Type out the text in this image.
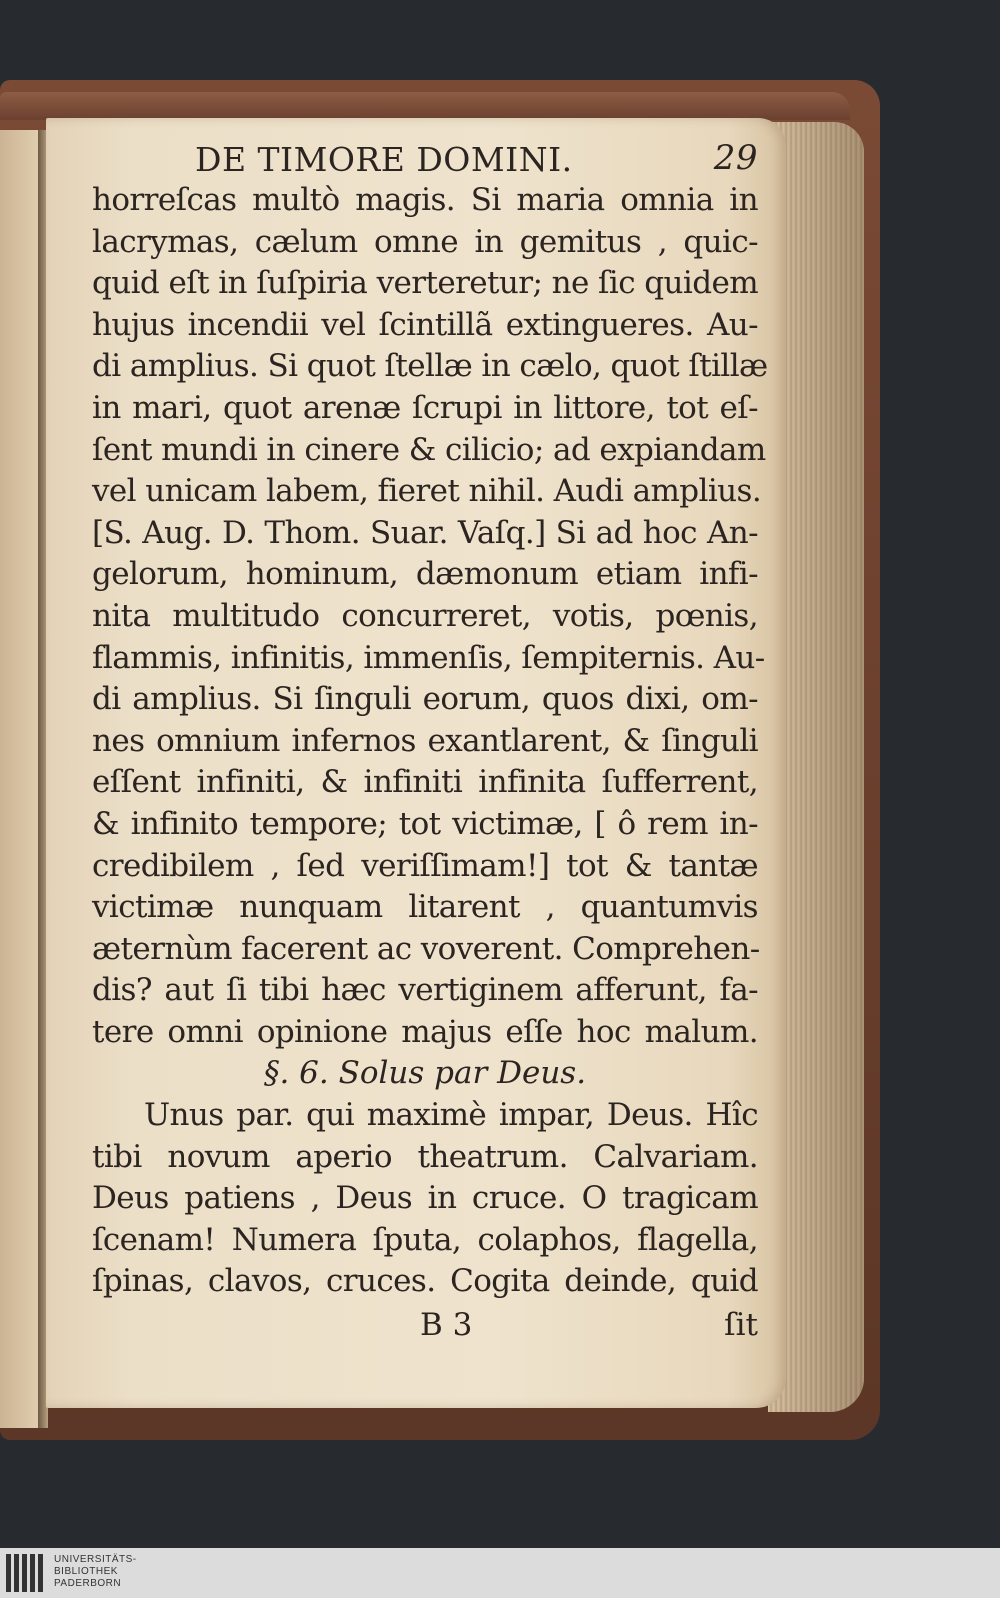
DE TIMORE DOMINI.	29
horreſcas multò magis. Si maria omnia in
lacrymas, cælum omne in gemitus , quic-
quid eſt in ſuſpiria verteretur; ne ſic quidem
hujus incendii vel ſcintillã extingueres. Au-
di amplius. Si quot ſtellæ in cælo, quot ſtillæ
in mari, quot arenæ ſcrupi in littore, tot eſ-
ſent mundi in cinere & cilicio; ad expiandam
vel unicam labem, fieret nihil. Audi amplius.
[S. Aug. D. Thom. Suar. Vaſq.] Si ad hoc An-
gelorum, hominum, dæmonum etiam infi-
nita multitudo concurreret, votis, pœnis,
flammis, infinitis, immenſis, ſempiternis. Au-
di amplius. Si ſinguli eorum, quos dixi, om-
nes omnium infernos exantlarent, & ſinguli
eſſent infiniti, & infiniti infinita ſufferrent,
& infinito tempore; tot victimæ, [ ô rem in-
credibilem , ſed veriſſimam!] tot & tantæ
victimæ nunquam litarent , quantumvis
æternùm facerent ac voverent. Comprehen-
dis? aut ſi tibi hæc vertiginem afferunt, fa-
tere omni opinione majus eſſe hoc malum.
§. 6. Solus par Deus.
Unus par. qui maximè impar, Deus. Hîc
tibi novum aperio theatrum. Calvariam.
Deus patiens , Deus in cruce. O tragicam
ſcenam! Numera ſputa, colaphos, flagella,
ſpinas, clavos, cruces. Cogita deinde, quid
B 3	ſit
UNIVERSITÄTS-
BIBLIOTHEK
PADERBORN
